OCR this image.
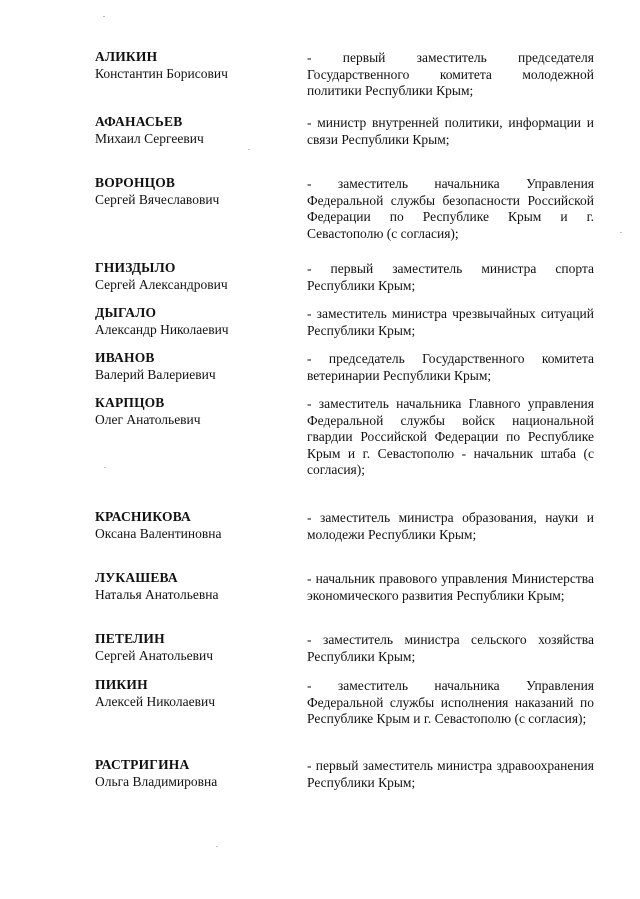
АЛИКИН
Константин Борисович
- первый заместитель председателя Государственного комитета молодежной политики Республики Крым;
АФАНАСЬЕВ
Михаил Сергеевич
- министр внутренней политики, информации и связи Республики Крым;
ВОРОНЦОВ
Сергей Вячеславович
- заместитель начальника Управления Федеральной службы безопасности Российской Федерации по Республике Крым и г. Севастополю (с согласия);
ГНИЗДЫЛО
Сергей Александрович
- первый заместитель министра спорта Республики Крым;
ДЫГАЛО
Александр Николаевич
- заместитель министра чрезвычайных ситуаций Республики Крым;
ИВАНОВ
Валерий Валериевич
- председатель Государственного комитета ветеринарии Республики Крым;
КАРПЦОВ
Олег Анатольевич
- заместитель начальника Главного управления Федеральной службы войск национальной гвардии Российской Федерации по Республике Крым и г. Севастополю - начальник штаба (с согласия);
КРАСНИКОВА
Оксана Валентиновна
- заместитель министра образования, науки и молодежи Республики Крым;
ЛУКАШЕВА
Наталья Анатольевна
- начальник правового управления Министерства экономического развития Республики Крым;
ПЕТЕЛИН
Сергей Анатольевич
- заместитель министра сельского хозяйства Республики Крым;
ПИКИН
Алексей Николаевич
- заместитель начальника Управления Федеральной службы исполнения наказаний по Республике Крым и г. Севастополю (с согласия);
РАСТРИГИНА
Ольга Владимировна
- первый заместитель министра здравоохранения Республики Крым;
